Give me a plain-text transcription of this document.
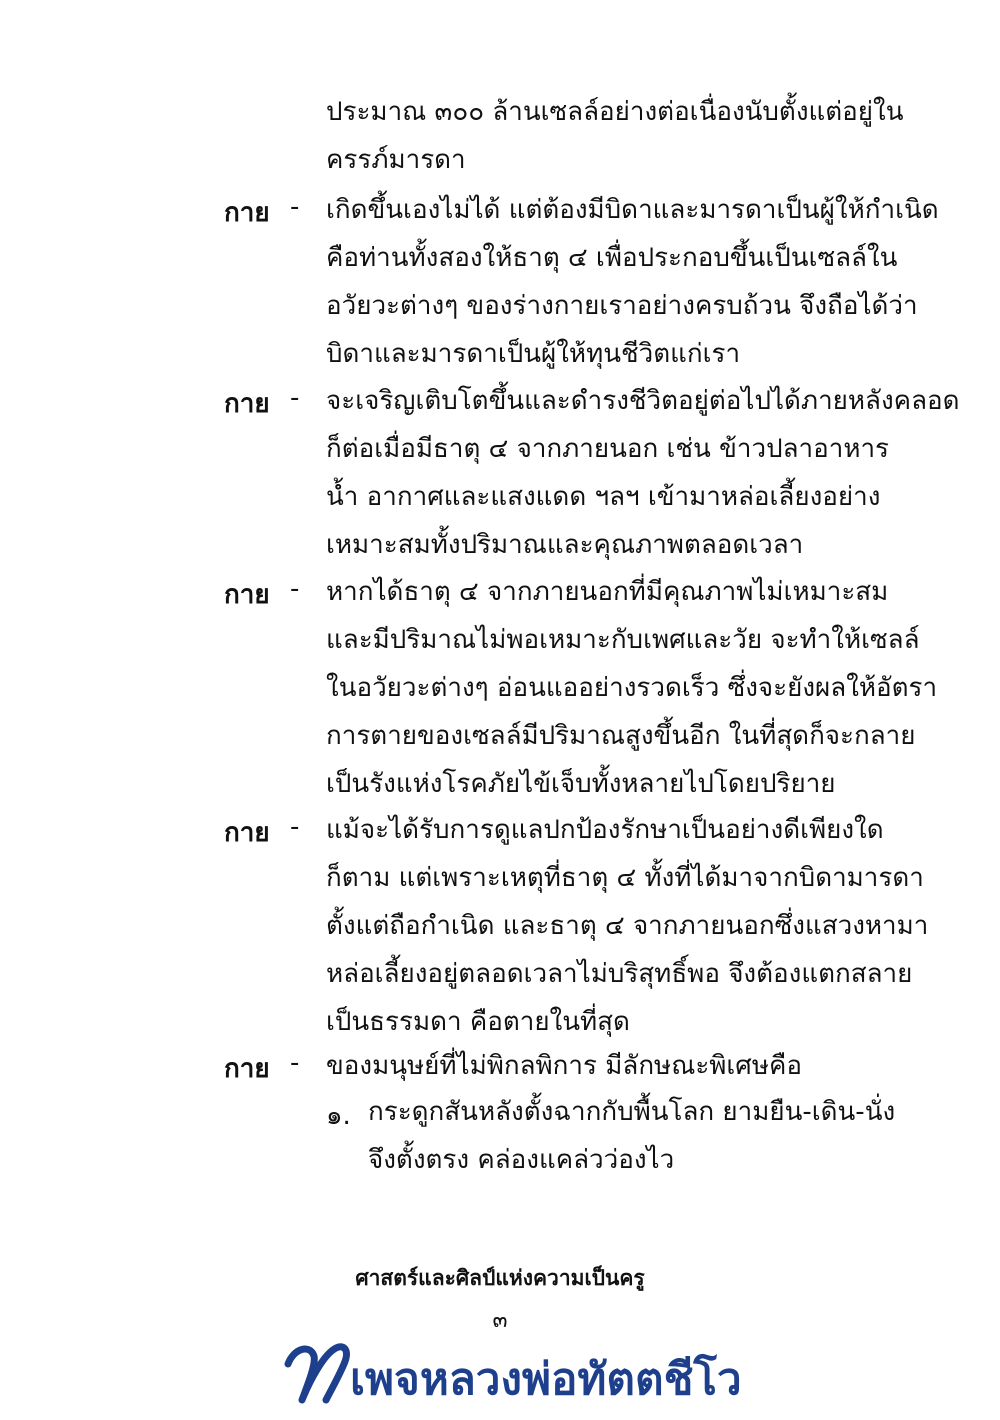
ประมาณ ๓๐๐ ล้านเซลล์อย่างต่อเนื่องนับตั้งแต่อยู่ใน
ครรภ์มารดา
กาย -	เกิดขึ้นเองไม่ได้ แต่ต้องมีบิดาและมารดาเป็นผู้ให้กำเนิด
คือท่านทั้งสองให้ธาตุ ๔ เพื่อประกอบขึ้นเป็นเซลล์ใน
อวัยวะต่างๆ ของร่างกายเราอย่างครบถ้วน จึงถือได้ว่า
บิดาและมารดาเป็นผู้ให้ทุนชีวิตแก่เรา
กาย -	จะเจริญเติบโตขึ้นและดำรงชีวิตอยู่ต่อไปได้ภายหลังคลอด
ก็ต่อเมื่อมีธาตุ ๔ จากภายนอก เช่น ข้าวปลาอาหาร
น้ำ อากาศและแสงแดด ฯลฯ เข้ามาหล่อเลี้ยงอย่าง
เหมาะสมทั้งปริมาณและคุณภาพตลอดเวลา
กาย -	หากได้ธาตุ ๔ จากภายนอกที่มีคุณภาพไม่เหมาะสม
และมีปริมาณไม่พอเหมาะกับเพศและวัย จะทำให้เซลล์
ในอวัยวะต่างๆ อ่อนแออย่างรวดเร็ว ซึ่งจะยังผลให้อัตรา
การตายของเซลล์มีปริมาณสูงขึ้นอีก ในที่สุดก็จะกลาย
เป็นรังแห่งโรคภัยไข้เจ็บทั้งหลายไปโดยปริยาย
กาย -	แม้จะได้รับการดูแลปกป้องรักษาเป็นอย่างดีเพียงใด
ก็ตาม แต่เพราะเหตุที่ธาตุ ๔ ทั้งที่ได้มาจากบิดามารดา
ตั้งแต่ถือกำเนิด และธาตุ ๔ จากภายนอกซึ่งแสวงหามา
หล่อเลี้ยงอยู่ตลอดเวลาไม่บริสุทธิ์พอ จึงต้องแตกสลาย
เป็นธรรมดา คือตายในที่สุด
กาย -	ของมนุษย์ที่ไม่พิกลพิการ มีลักษณะพิเศษคือ
๑. กระดูกสันหลังตั้งฉากกับพื้นโลก ยามยืน-เดิน-นั่ง
จึงตั้งตรง คล่องแคล่วว่องไว
ศาสตร์และศิลป์แห่งความเป็นครู
๓
เพจหลวงพ่อทัตตชีโว
